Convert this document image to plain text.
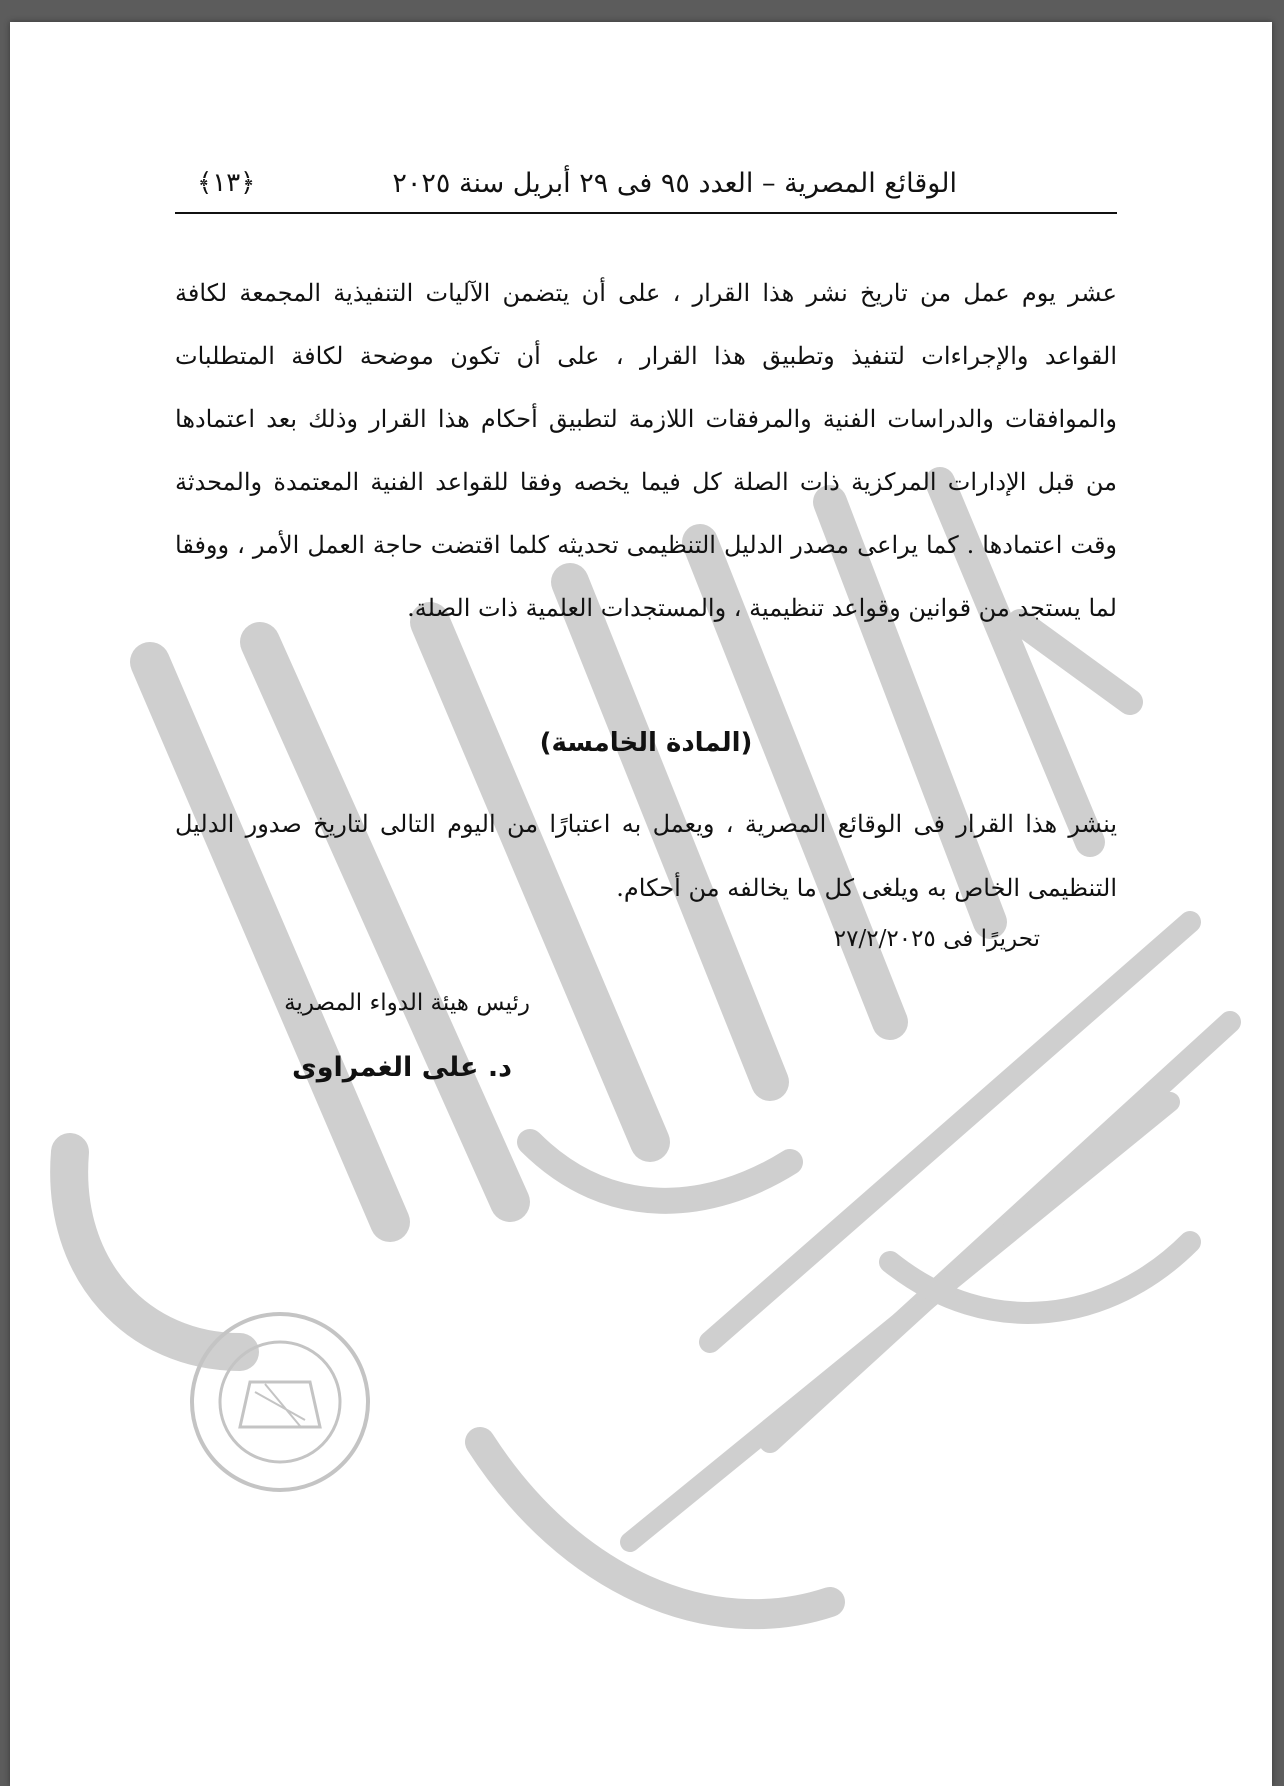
الوقائع المصرية – العدد ٩٥ فى ٢٩ أبريل سنة ٢٠٢٥
﴿١٣﴾

عشر يوم عمل من تاريخ نشر هذا القرار ، على أن يتضمن الآليات التنفيذية المجمعة لكافة القواعد والإجراءات لتنفيذ وتطبيق هذا القرار ، على أن تكون موضحة لكافة المتطلبات والموافقات والدراسات الفنية والمرفقات اللازمة لتطبيق أحكام هذا القرار وذلك بعد اعتمادها من قبل الإدارات المركزية ذات الصلة كل فيما يخصه وفقا للقواعد الفنية المعتمدة والمحدثة وقت اعتمادها . كما يراعى مصدر الدليل التنظيمى تحديثه كلما اقتضت حاجة العمل الأمر ، ووفقا لما يستجد من قوانين وقواعد تنظيمية ، والمستجدات العلمية ذات الصلة.

(المادة الخامسة)

ينشر هذا القرار فى الوقائع المصرية ، ويعمل به اعتبارًا من اليوم التالى لتاريخ صدور الدليل التنظيمى الخاص به ويلغى كل ما يخالفه من أحكام.

تحريرًا فى ٢٧/٢/٢٠٢٥
رئيس هيئة الدواء المصرية
د. على الغمراوى
